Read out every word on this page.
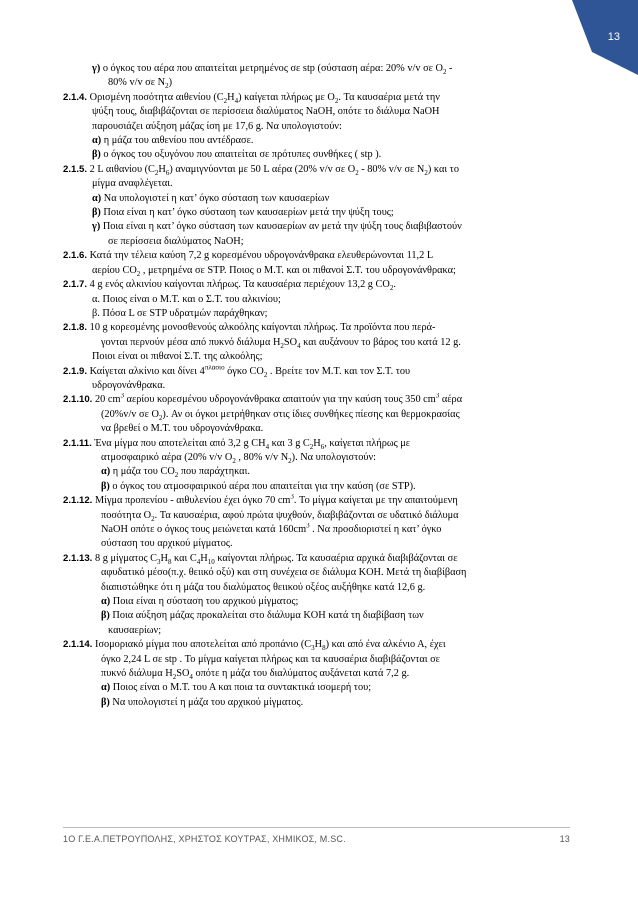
13
γ) ο όγκος του αέρα που απαιτείται μετρημένος σε stp (σύσταση αέρα: 20% v/v σε $O_2$ -
80% v/v σε $N_2$)
2.1.4. Ορισμένη ποσότητα αιθενίου $(C_2H_4)$ καίγεται πλήρως με $O_2$. Τα καυσαέρια μετά την
ψύξη τους, διαβιβάζονται σε περίσσεια διαλύματος NaOH, οπότε το διάλυμα NaOH
παρουσιάζει αύξηση μάζας ίση με 17,6 g. Να υπολογιστούν:
α) η μάζα του αιθενίου που αντέδρασε.
β) ο όγκος του οξυγόνου που απαιτείται σε πρότυπες συνθήκες ( stp ).
2.1.5. 2 L αιθανίου $(C_2H_6)$ αναμιγνύονται με 50 L αέρα (20% v/v σε $O_2 - 80\%$ v/v σε $N_2$) και το
μίγμα αναφλέγεται.
α) Να υπολογιστεί η κατ’ όγκο σύσταση των καυσαερίων
β) Ποια είναι η κατ’ όγκο σύσταση των καυσαερίων μετά την ψύξη τους;
γ) Ποια είναι η κατ’ όγκο σύσταση των καυσαερίων αν μετά την ψύξη τους διαβιβαστούν
σε περίσσεια διαλύματος NaOH;
2.1.6. Κατά την τέλεια καύση 7,2 g κορεσμένου υδρογονάνθρακα ελευθερώνονται 11,2 L
αερίου $CO_2$ , μετρημένα σε STP. Ποιος ο Μ.Τ. και οι πιθανοί Σ.Τ. του υδρογονάνθρακα;
2.1.7. 4 g ενός αλκινίου καίγονται πλήρως. Τα καυσαέρια περιέχουν 13,2 g $CO_2$.
α. Ποιος είναι ο Μ.Τ. και ο Σ.Τ. του αλκινίου;
β. Πόσα L σε STP υδρατμών παράχθηκαν;
2.1.8. 10 g κορεσμένης μονοσθενούς αλκοόλης καίγονται πλήρως. Τα προϊόντα που περά-
γονται περνούν μέσα από πυκνό διάλυμα $H_2SO_4$ και αυξάνουν το βάρος του κατά 12 g.
Ποιοι είναι οι πιθανοί Σ.Τ. της αλκοόλης;
2.1.9. Καίγεται αλκίνιο και δίνει $4^{\pi\lambda ά\sigma\iota o}$ όγκο $CO_2$ . Βρείτε τον Μ.Τ. και τον Σ.Τ. του
υδρογονάνθρακα.
2.1.10. 20 $cm^3$ αερίου κορεσμένου υδρογονάνθρακα απαιτούν για την καύση τους 350 $cm^3$ αέρα
(20%v/v σε $O_2$). Αν οι όγκοι μετρήθηκαν στις ίδιες συνθήκες πίεσης και θερμοκρασίας
να βρεθεί ο Μ.Τ. του υδρογονάνθρακα.
2.1.11. Ένα μίγμα που αποτελείται από 3,2 g $CH_4$ και 3 g $C_2H_6$, καίγεται πλήρως με
ατμοσφαιρικό αέρα (20% v/v $O_2$ , 80% v/v $N_2$). Να υπολογιστούν:
α) η μάζα του $CO_2$ που παράχτηκαι.
β) ο όγκος του ατμοσφαιρικού αέρα που απαιτείται για την καύση (σε STP).
2.1.12. Μίγμα προπενίου - αιθυλενίου έχει όγκο 70 $cm^3$. Το μίγμα καίγεται με την απαιτούμενη
ποσότητα $O_2$. Τα καυσαέρια, αφού πρώτα ψυχθούν, διαβιβάζονται σε υδατικό διάλυμα
NaOH οπότε ο όγκος τους μειώνεται κατά $160cm^3$ . Να προσδιοριστεί η κατ’ όγκο
σύσταση του αρχικού μίγματος.
2.1.13. 8 g μίγματος $C_3H_8$ και $C_4H_{10}$ καίγονται πλήρως. Τα καυσαέρια αρχικά διαβιβάζονται σε
αφυδατικό μέσο(π.χ. θειικό οξύ) και στη συνέχεια σε διάλυμα KOH. Μετά τη διαβίβαση
διαπιστώθηκε ότι η μάζα του διαλύματος θειικού οξέος αυξήθηκε κατά 12,6 g.
α) Ποια είναι η σύσταση του αρχικού μίγματος;
β) Ποια αύξηση μάζας προκαλείται στο διάλυμα KOH κατά τη διαβίβαση των
καυσαερίων;
2.1.14. Ισομοριακό μίγμα που αποτελείται από προπάνιο $(C_3H_8)$ και από ένα αλκένιο Α, έχει
όγκο 2,24 L σε stp . Το μίγμα καίγεται πλήρως και τα καυσαέρια διαβιβάζονται σε
πυκνό διάλυμα $H_2SO_4$ οπότε η μάζα του διαλύματος αυξάνεται κατά 7,2 g.
α) Ποιος είναι ο Μ.Τ. του Α και ποια τα συντακτικά ισομερή του;
β) Να υπολογιστεί η μάζα του αρχικού μίγματος.
1Ο Γ.Ε.Α.ΠΕΤΡΟΥΠΟΛΗΣ, ΧΡΗΣΤΟΣ ΚΟΥΤΡΑΣ, ΧΗΜΙΚΟΣ, M.SC.	13
